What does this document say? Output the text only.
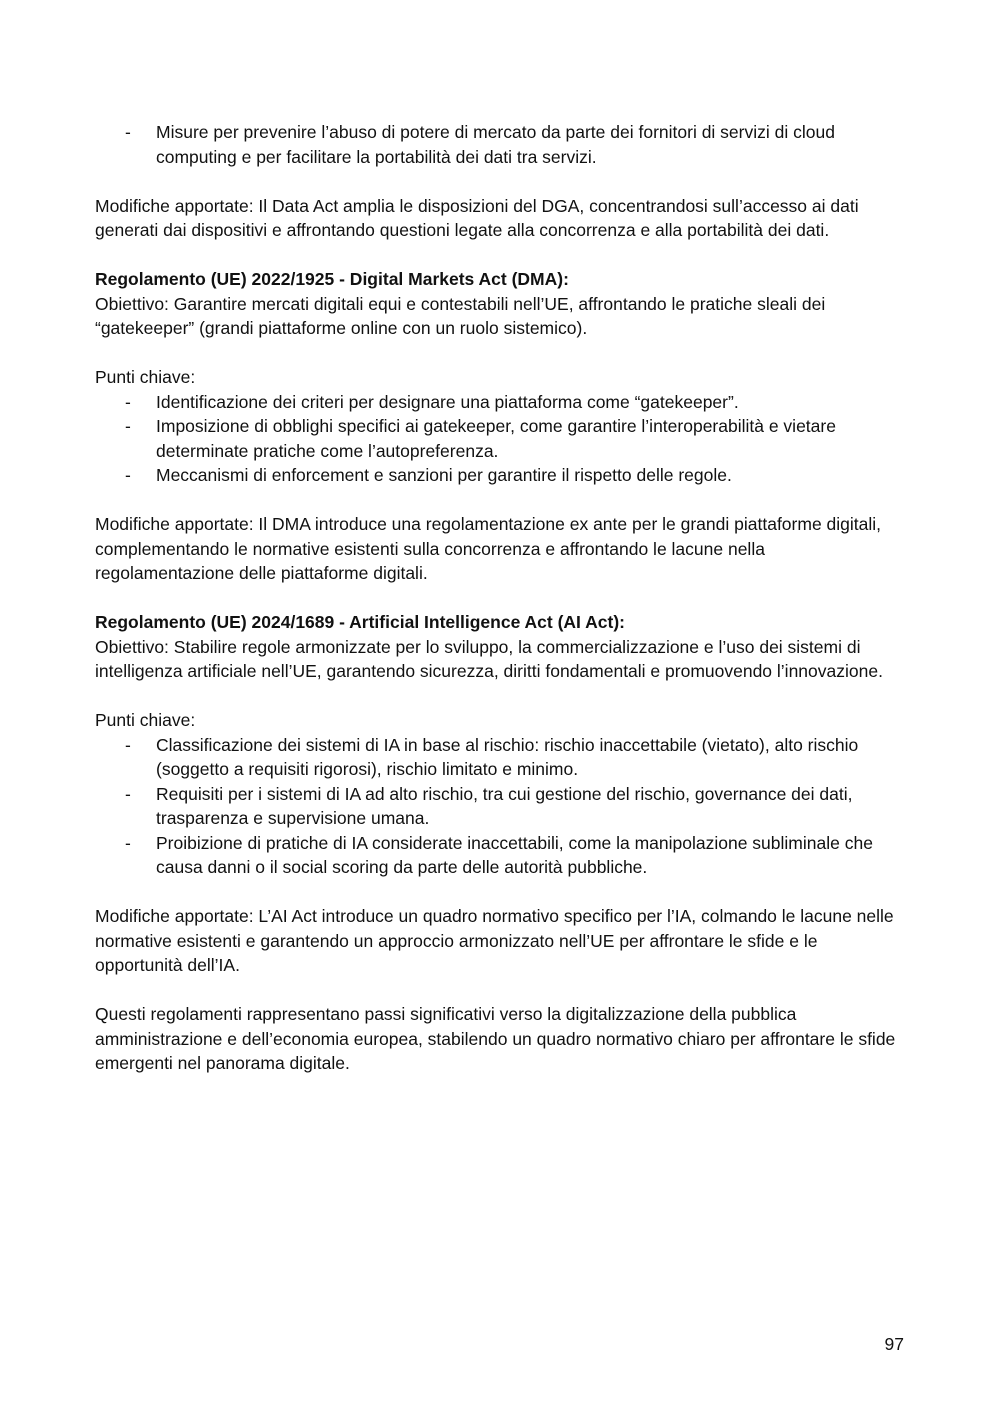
- Misure per prevenire l’abuso di potere di mercato da parte dei fornitori di servizi di cloud computing e per facilitare la portabilità dei dati tra servizi.

Modifiche apportate: Il Data Act amplia le disposizioni del DGA, concentrandosi sull’accesso ai dati generati dai dispositivi e affrontando questioni legate alla concorrenza e alla portabilità dei dati.

Regolamento (UE) 2022/1925 - Digital Markets Act (DMA):

Obiettivo: Garantire mercati digitali equi e contestabili nell’UE, affrontando le pratiche sleali dei “gatekeeper” (grandi piattaforme online con un ruolo sistemico).

Punti chiave:

- Identificazione dei criteri per designare una piattaforma come “gatekeeper”.
- Imposizione di obblighi specifici ai gatekeeper, come garantire l’interoperabilità e vietare determinate pratiche come l’autopreferenza.
- Meccanismi di enforcement e sanzioni per garantire il rispetto delle regole.

Modifiche apportate: Il DMA introduce una regolamentazione ex ante per le grandi piattaforme digitali, complementando le normative esistenti sulla concorrenza e affrontando le lacune nella regolamentazione delle piattaforme digitali.

Regolamento (UE) 2024/1689 - Artificial Intelligence Act (AI Act):

Obiettivo: Stabilire regole armonizzate per lo sviluppo, la commercializzazione e l’uso dei sistemi di intelligenza artificiale nell’UE, garantendo sicurezza, diritti fondamentali e promuovendo l’innovazione.

Punti chiave:

- Classificazione dei sistemi di IA in base al rischio: rischio inaccettabile (vietato), alto rischio (soggetto a requisiti rigorosi), rischio limitato e minimo.
- Requisiti per i sistemi di IA ad alto rischio, tra cui gestione del rischio, governance dei dati, trasparenza e supervisione umana.
- Proibizione di pratiche di IA considerate inaccettabili, come la manipolazione subliminale che causa danni o il social scoring da parte delle autorità pubbliche.

Modifiche apportate: L’AI Act introduce un quadro normativo specifico per l’IA, colmando le lacune nelle normative esistenti e garantendo un approccio armonizzato nell’UE per affrontare le sfide e le opportunità dell’IA.

Questi regolamenti rappresentano passi significativi verso la digitalizzazione della pubblica amministrazione e dell’economia europea, stabilendo un quadro normativo chiaro per affrontare le sfide emergenti nel panorama digitale.

97
